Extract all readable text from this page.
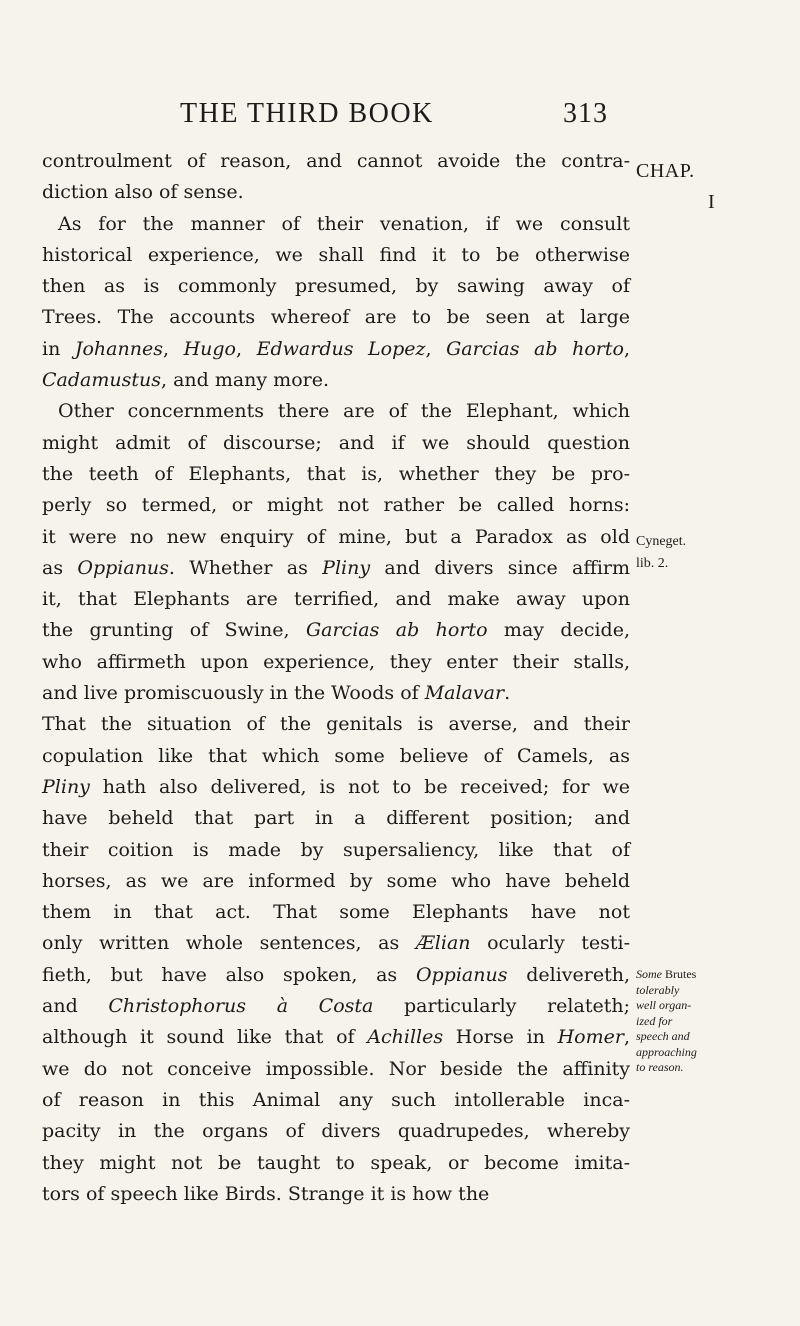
THE THIRD BOOK	313
CHAP.
I
Cyneget.
lib. 2.
Some Brutes
tolerably
well organ-
ized for
speech and
approaching
to reason.
controulment of reason, and cannot avoide the contra-
diction also of sense.
As for the manner of their venation, if we consult
historical experience, we shall find it to be otherwise
then as is commonly presumed, by sawing away of
Trees. The accounts whereof are to be seen at large
in Johannes, Hugo, Edwardus Lopez, Garcias ab horto,
Cadamustus, and many more.
Other concernments there are of the Elephant, which
might admit of discourse; and if we should question
the teeth of Elephants, that is, whether they be pro-
perly so termed, or might not rather be called horns:
it were no new enquiry of mine, but a Paradox as old
as Oppianus. Whether as Pliny and divers since affirm
it, that Elephants are terrified, and make away upon
the grunting of Swine, Garcias ab horto may decide,
who affirmeth upon experience, they enter their stalls,
and live promiscuously in the Woods of Malavar.
That the situation of the genitals is averse, and their
copulation like that which some believe of Camels, as
Pliny hath also delivered, is not to be received; for we
have beheld that part in a different position; and
their coition is made by supersaliency, like that of
horses, as we are informed by some who have beheld
them in that act. That some Elephants have not
only written whole sentences, as Ælian ocularly testi-
fieth, but have also spoken, as Oppianus delivereth,
and Christophorus à Costa particularly relateth;
although it sound like that of Achilles Horse in Homer,
we do not conceive impossible. Nor beside the affinity
of reason in this Animal any such intollerable inca-
pacity in the organs of divers quadrupedes, whereby
they might not be taught to speak, or become imita-
tors of speech like Birds. Strange it is how the
